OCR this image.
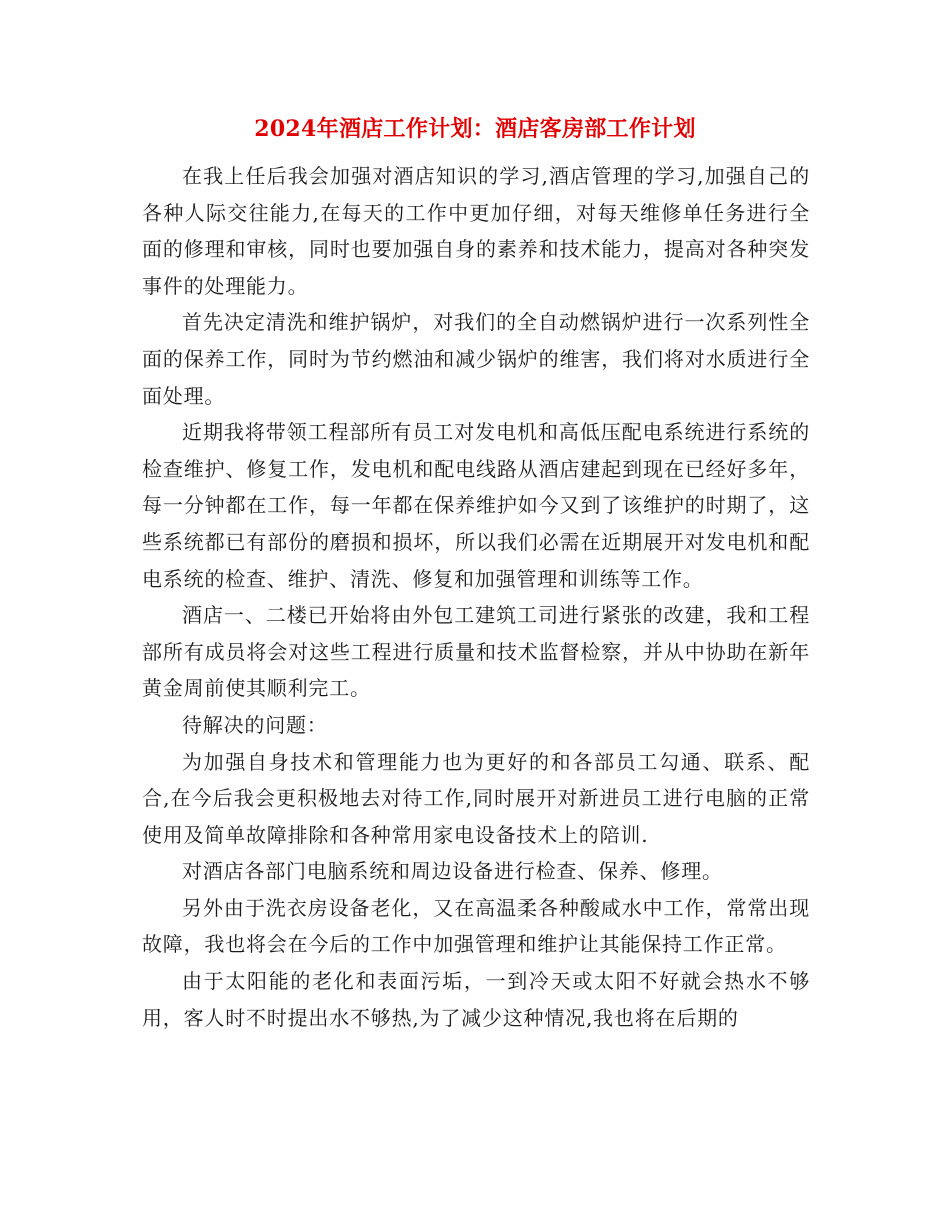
2024年酒店工作计划：酒店客房部工作计划

在我上任后我会加强对酒店知识的学习,酒店管理的学习,加强自己的各种人际交往能力,在每天的工作中更加仔细，对每天维修单任务进行全面的修理和审核，同时也要加强自身的素养和技术能力，提高对各种突发事件的处理能力。

首先决定清洗和维护锅炉，对我们的全自动燃锅炉进行一次系列性全面的保养工作，同时为节约燃油和减少锅炉的维害，我们将对水质进行全面处理。

近期我将带领工程部所有员工对发电机和高低压配电系统进行系统的检查维护、修复工作，发电机和配电线路从酒店建起到现在已经好多年，每一分钟都在工作，每一年都在保养维护如今又到了该维护的时期了，这些系统都已有部份的磨损和损坏，所以我们必需在近期展开对发电机和配电系统的检查、维护、清洗、修复和加强管理和训练等工作。

酒店一、二楼已开始将由外包工建筑工司进行紧张的改建，我和工程部所有成员将会对这些工程进行质量和技术监督检察，并从中协助在新年黄金周前使其顺利完工。

待解决的问题：

为加强自身技术和管理能力也为更好的和各部员工勾通、联系、配合,在今后我会更积极地去对待工作,同时展开对新进员工进行电脑的正常使用及简单故障排除和各种常用家电设备技术上的陪训.

对酒店各部门电脑系统和周边设备进行检查、保养、修理。

另外由于洗衣房设备老化，又在高温柔各种酸咸水中工作，常常出现故障，我也将会在今后的工作中加强管理和维护让其能保持工作正常。

由于太阳能的老化和表面污垢，一到冷天或太阳不好就会热水不够用，客人时不时提出水不够热,为了减少这种情况,我也将在后期的
